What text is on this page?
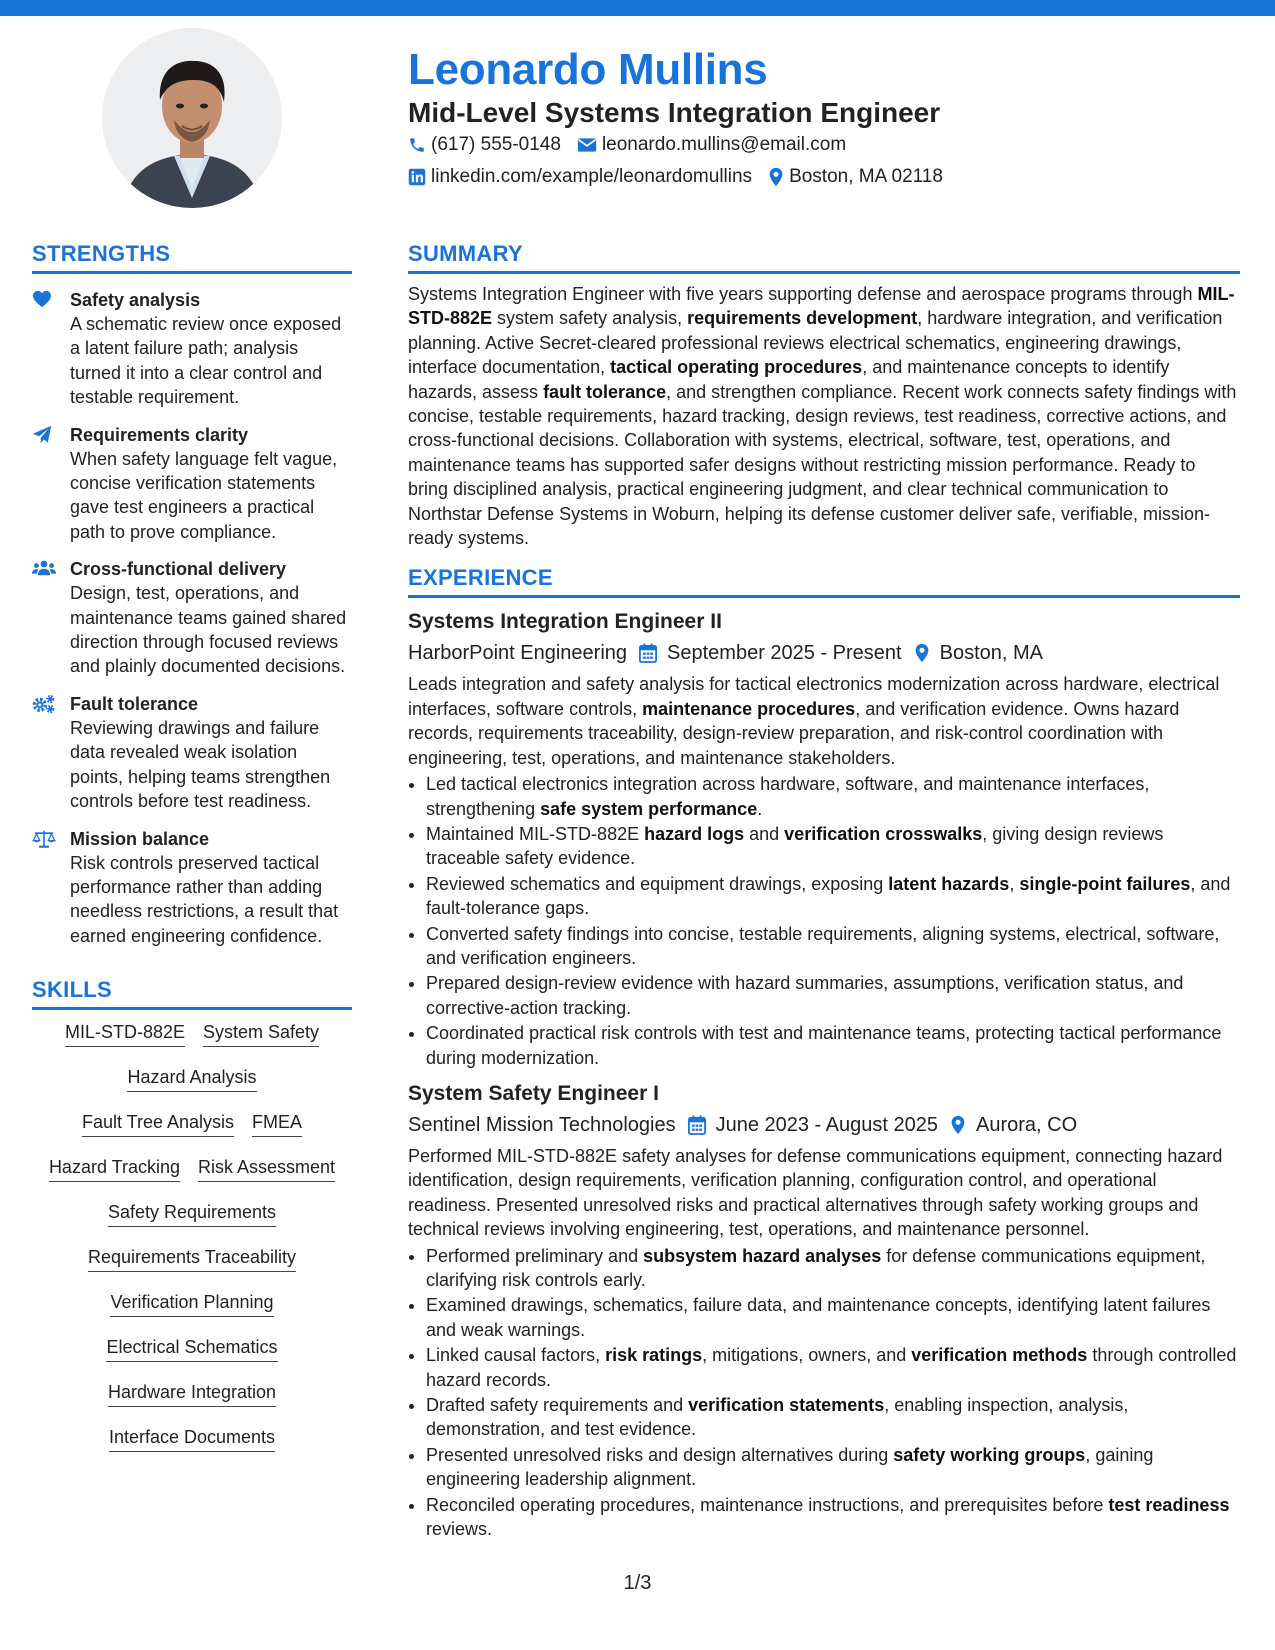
Leonardo Mullins
Mid-Level Systems Integration Engineer
(617) 555-0148 leonardo.mullins@email.com
linkedin.com/example/leonardomullins Boston, MA 02118
STRENGTHS
Safety analysis
A schematic review once exposed a latent failure path; analysis turned it into a clear control and testable requirement.
Requirements clarity
When safety language felt vague, concise verification statements gave test engineers a practical path to prove compliance.
Cross-functional delivery
Design, test, operations, and maintenance teams gained shared direction through focused reviews and plainly documented decisions.
Fault tolerance
Reviewing drawings and failure data revealed weak isolation points, helping teams strengthen controls before test readiness.
Mission balance
Risk controls preserved tactical performance rather than adding needless restrictions, a result that earned engineering confidence.
SKILLS
MIL-STD-882E System Safety
Hazard Analysis
Fault Tree Analysis FMEA
Hazard Tracking Risk Assessment
Safety Requirements
Requirements Traceability
Verification Planning
Electrical Schematics
Hardware Integration
Interface Documents
SUMMARY

Systems Integration Engineer with five years supporting defense and aerospace programs through MIL-STD-882E system safety analysis, requirements development, hardware integration, and verification planning. Active Secret-cleared professional reviews electrical schematics, engineering drawings, interface documentation, tactical operating procedures, and maintenance concepts to identify hazards, assess fault tolerance, and strengthen compliance. Recent work connects safety findings with concise, testable requirements, hazard tracking, design reviews, test readiness, corrective actions, and cross-functional decisions. Collaboration with systems, electrical, software, test, operations, and maintenance teams has supported safer designs without restricting mission performance. Ready to bring disciplined analysis, practical engineering judgment, and clear technical communication to Northstar Defense Systems in Woburn, helping its defense customer deliver safe, verifiable, mission-ready systems.

EXPERIENCE
Systems Integration Engineer II
HarborPoint Engineering September 2025 - Present Boston, MA

Leads integration and safety analysis for tactical electronics modernization across hardware, electrical interfaces, software controls, maintenance procedures, and verification evidence. Owns hazard records, requirements traceability, design-review preparation, and risk-control coordination with engineering, test, operations, and maintenance stakeholders.

• Led tactical electronics integration across hardware, software, and maintenance interfaces, strengthening safe system performance.
• Maintained MIL-STD-882E hazard logs and verification crosswalks, giving design reviews traceable safety evidence.
• Reviewed schematics and equipment drawings, exposing latent hazards, single-point failures, and fault-tolerance gaps.
• Converted safety findings into concise, testable requirements, aligning systems, electrical, software, and verification engineers.
• Prepared design-review evidence with hazard summaries, assumptions, verification status, and corrective-action tracking.
• Coordinated practical risk controls with test and maintenance teams, protecting tactical performance during modernization.
System Safety Engineer I
Sentinel Mission Technologies June 2023 - August 2025 Aurora, CO

Performed MIL-STD-882E safety analyses for defense communications equipment, connecting hazard identification, design requirements, verification planning, configuration control, and operational readiness. Presented unresolved risks and practical alternatives through safety working groups and technical reviews involving engineering, test, operations, and maintenance personnel.

• Performed preliminary and subsystem hazard analyses for defense communications equipment, clarifying risk controls early.
• Examined drawings, schematics, failure data, and maintenance concepts, identifying latent failures and weak warnings.
• Linked causal factors, risk ratings, mitigations, owners, and verification methods through controlled hazard records.
• Drafted safety requirements and verification statements, enabling inspection, analysis, demonstration, and test evidence.
• Presented unresolved risks and design alternatives during safety working groups, gaining engineering leadership alignment.
• Reconciled operating procedures, maintenance instructions, and prerequisites before test readiness reviews.
1/3
